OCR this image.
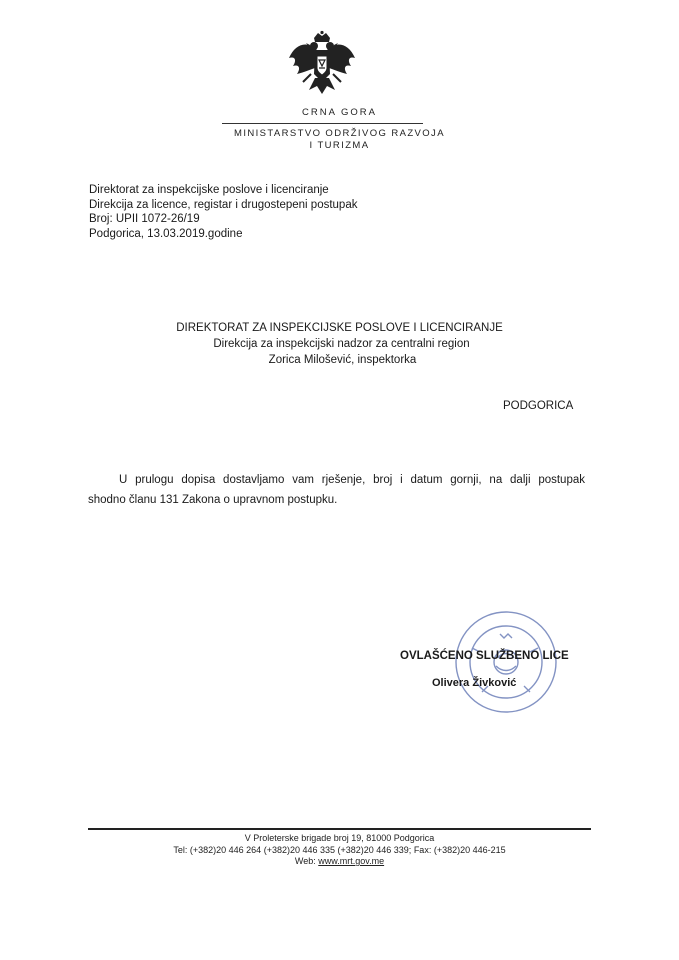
CRNA GORA
MINISTARSTVO ODRŽIVOG RAZVOJA
I TURIZMA
Direktorat za inspekcijske poslove i licenciranje
Direkcija za licence, registar i drugostepeni postupak
Broj: UPII 1072-26/19
Podgorica, 13.03.2019.godine
DIREKTORAT ZA INSPEKCIJSKE POSLOVE I LICENCIRANJE
Direkcija za inspekcijski nadzor za centralni region
Zorica Milošević, inspektorka
PODGORICA
U prulogu dopisa dostavljamo vam rješenje, broj i datum gornji, na dalji postupak
shodno članu 131 Zakona o upravnom postupku.
OVLAŠĆENO SLUŽBENO LICE
Olivera Živković
V Proleterske brigade broj 19, 81000 Podgorica
Tel: (+382)20 446 264 (+382)20 446 335 (+382)20 446 339; Fax: (+382)20 446-215
Web: www.mrt.gov.me
